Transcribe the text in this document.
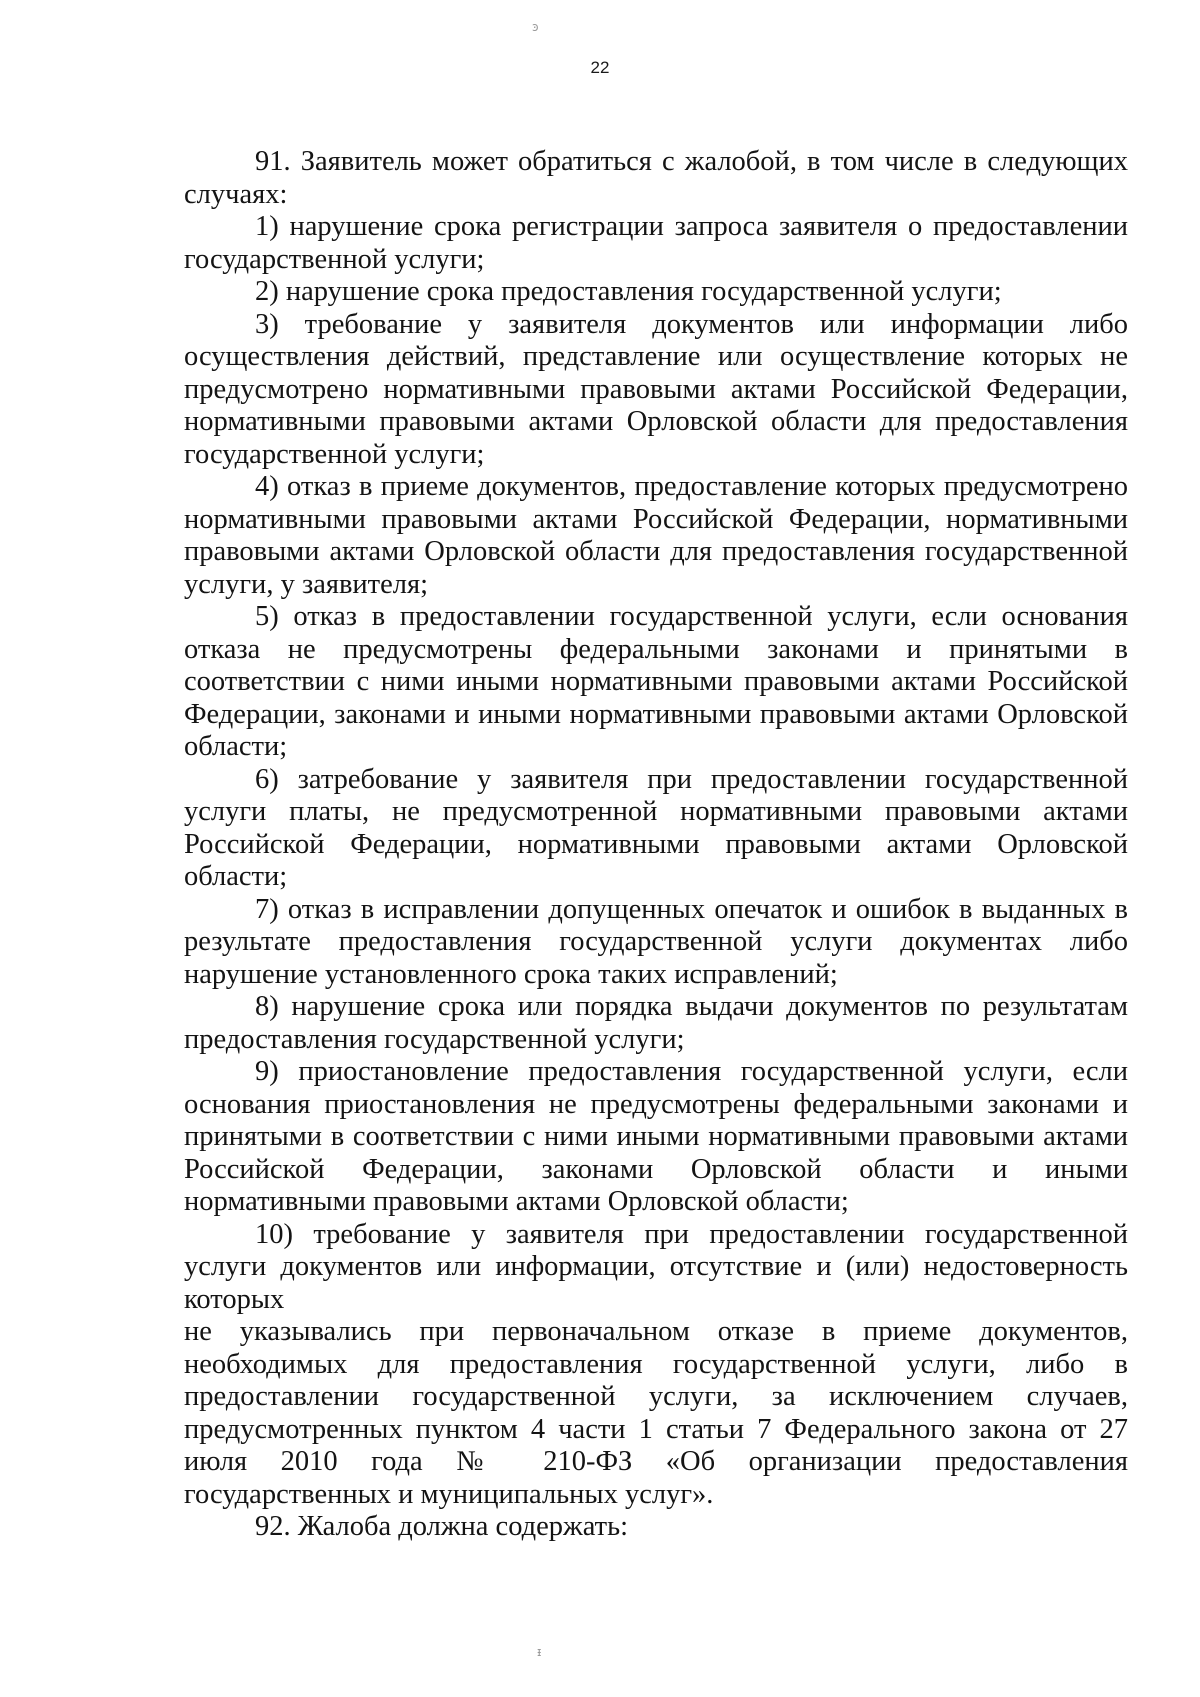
ͽ
ᵻ
22

91. Заявитель может обратиться с жалобой, в том числе в следующих случаях:

1) нарушение срока регистрации запроса заявителя о предоставлении государственной услуги;

2) нарушение срока предоставления государственной услуги;

3) требование у заявителя документов или информации либо осуществления действий, представление или осуществление которых не предусмотрено нормативными правовыми актами Российской Федерации, нормативными правовыми актами Орловской области для предоставления государственной услуги;

4) отказ в приеме документов, предоставление которых предусмотрено нормативными правовыми актами Российской Федерации, нормативными правовыми актами Орловской области для предоставления государственной услуги, у заявителя;

5) отказ в предоставлении государственной услуги, если основания отказа не предусмотрены федеральными законами и принятыми в соответствии с ними иными нормативными правовыми актами Российской Федерации, законами и иными нормативными правовыми актами Орловской области;

6) затребование у заявителя при предоставлении государственной услуги платы, не предусмотренной нормативными правовыми актами Российской Федерации, нормативными правовыми актами Орловской области;

7) отказ в исправлении допущенных опечаток и ошибок в выданных в результате предоставления государственной услуги документах либо нарушение установленного срока таких исправлений;

8) нарушение срока или порядка выдачи документов по результатам предоставления государственной услуги;

9) приостановление предоставления государственной услуги, если основания приостановления не предусмотрены федеральными законами и принятыми в соответствии с ними иными нормативными правовыми актами Российской Федерации, законами Орловской области и иными нормативными правовыми актами Орловской области;

10) требование у заявителя при предоставлении государственной услуги документов или информации, отсутствие и (или) недостоверность которых

не указывались при первоначальном отказе в приеме документов, необходимых для предоставления государственной услуги, либо в предоставлении государственной услуги, за исключением случаев, предусмотренных пунктом 4 части 1 статьи 7 Федерального закона от 27 июля 2010 года № 210-ФЗ «Об организации предоставления государственных и муниципальных услуг».

92. Жалоба должна содержать:
